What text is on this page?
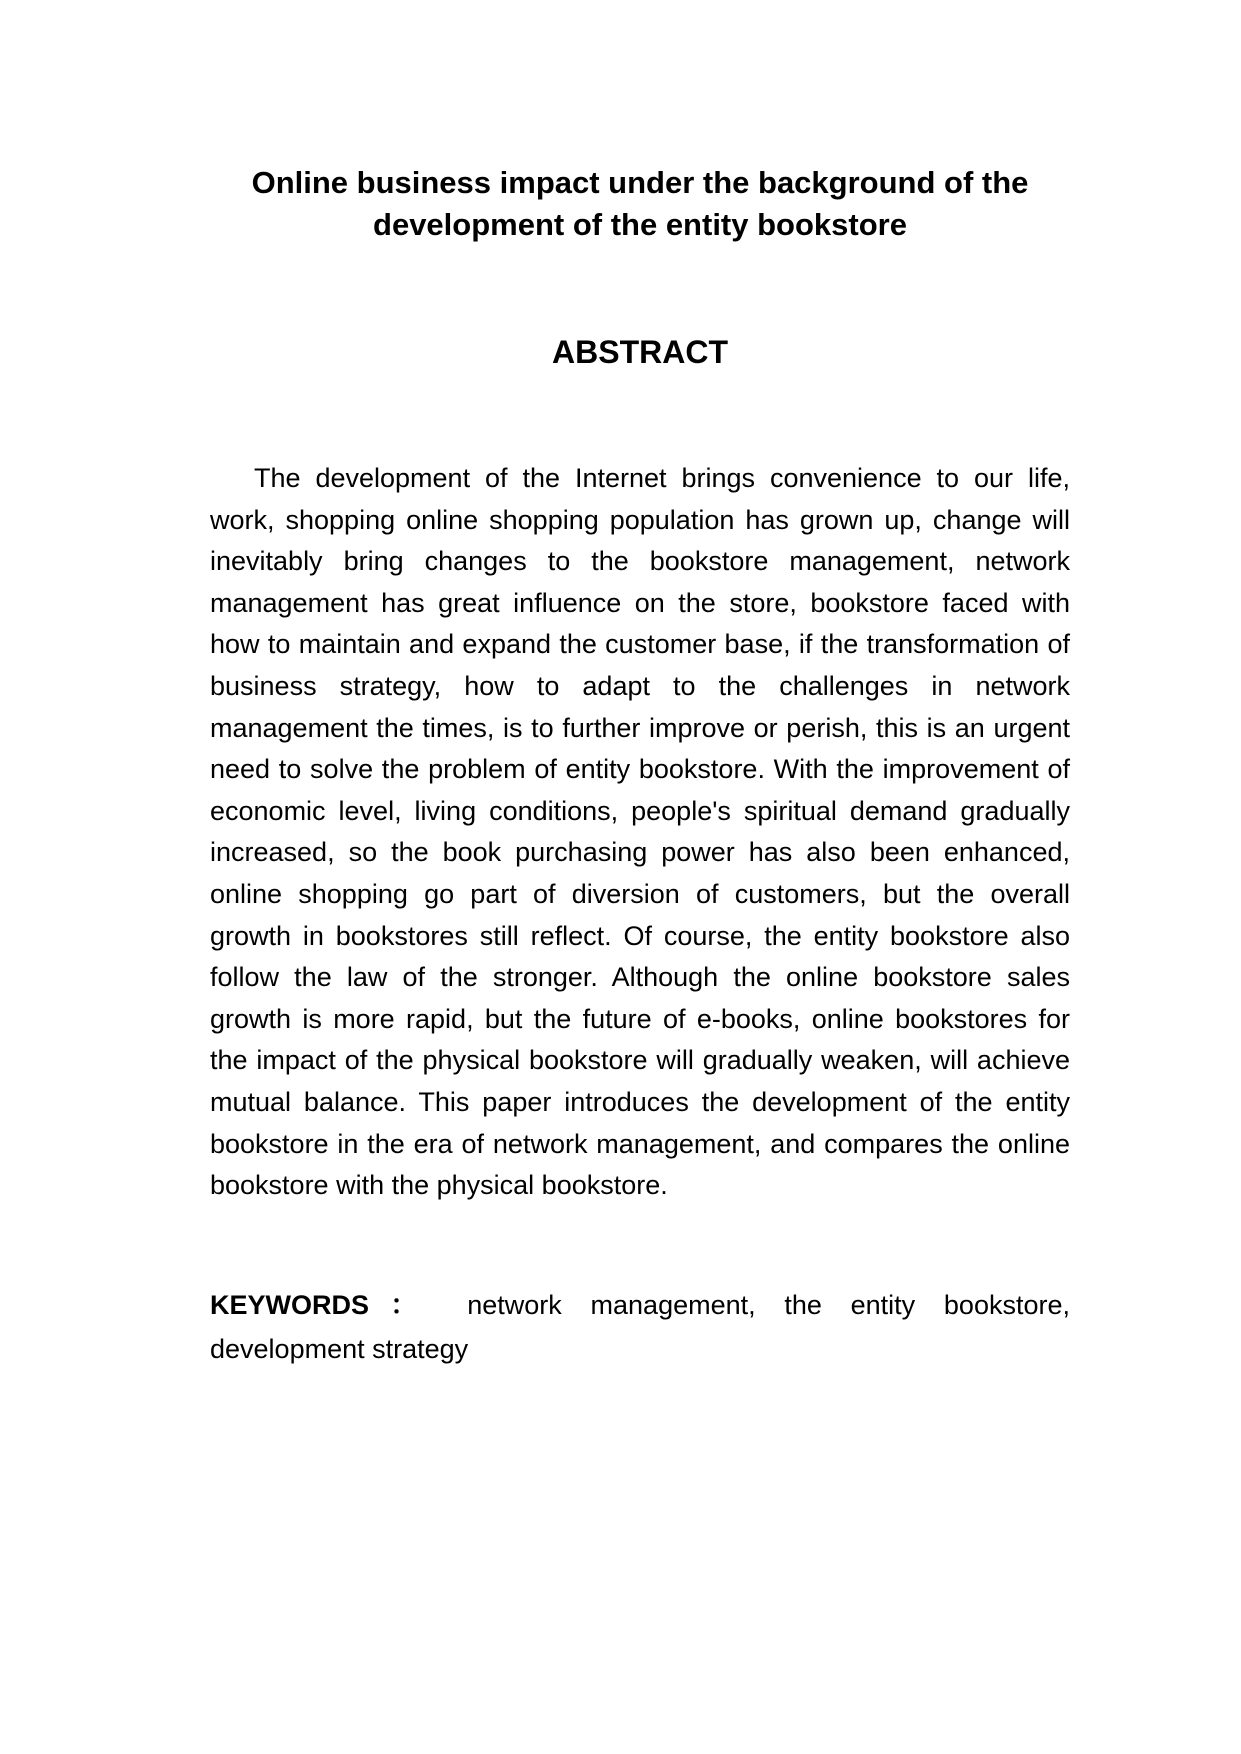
Online business impact under the background of the
development of the entity bookstore
ABSTRACT

The development of the Internet brings convenience to our life, work, shopping online shopping population has grown up, change will inevitably bring changes to the bookstore management, network management has great influence on the store, bookstore faced with how to maintain and expand the customer base, if the transformation of business strategy, how to adapt to the challenges in network management the times, is to further improve or perish, this is an urgent need to solve the problem of entity bookstore. With the improvement of economic level, living conditions, people's spiritual demand gradually increased, so the book purchasing power has also been enhanced, online shopping go part of diversion of customers, but the overall growth in bookstores still reflect. Of course, the entity bookstore also follow the law of the stronger. Although the online bookstore sales growth is more rapid, but the future of e-books, online bookstores for the impact of the physical bookstore will gradually weaken, will achieve mutual balance. This paper introduces the development of the entity bookstore in the era of network management, and compares the online bookstore with the physical bookstore.

KEYWORDS： network management, the entity bookstore, development strategy
